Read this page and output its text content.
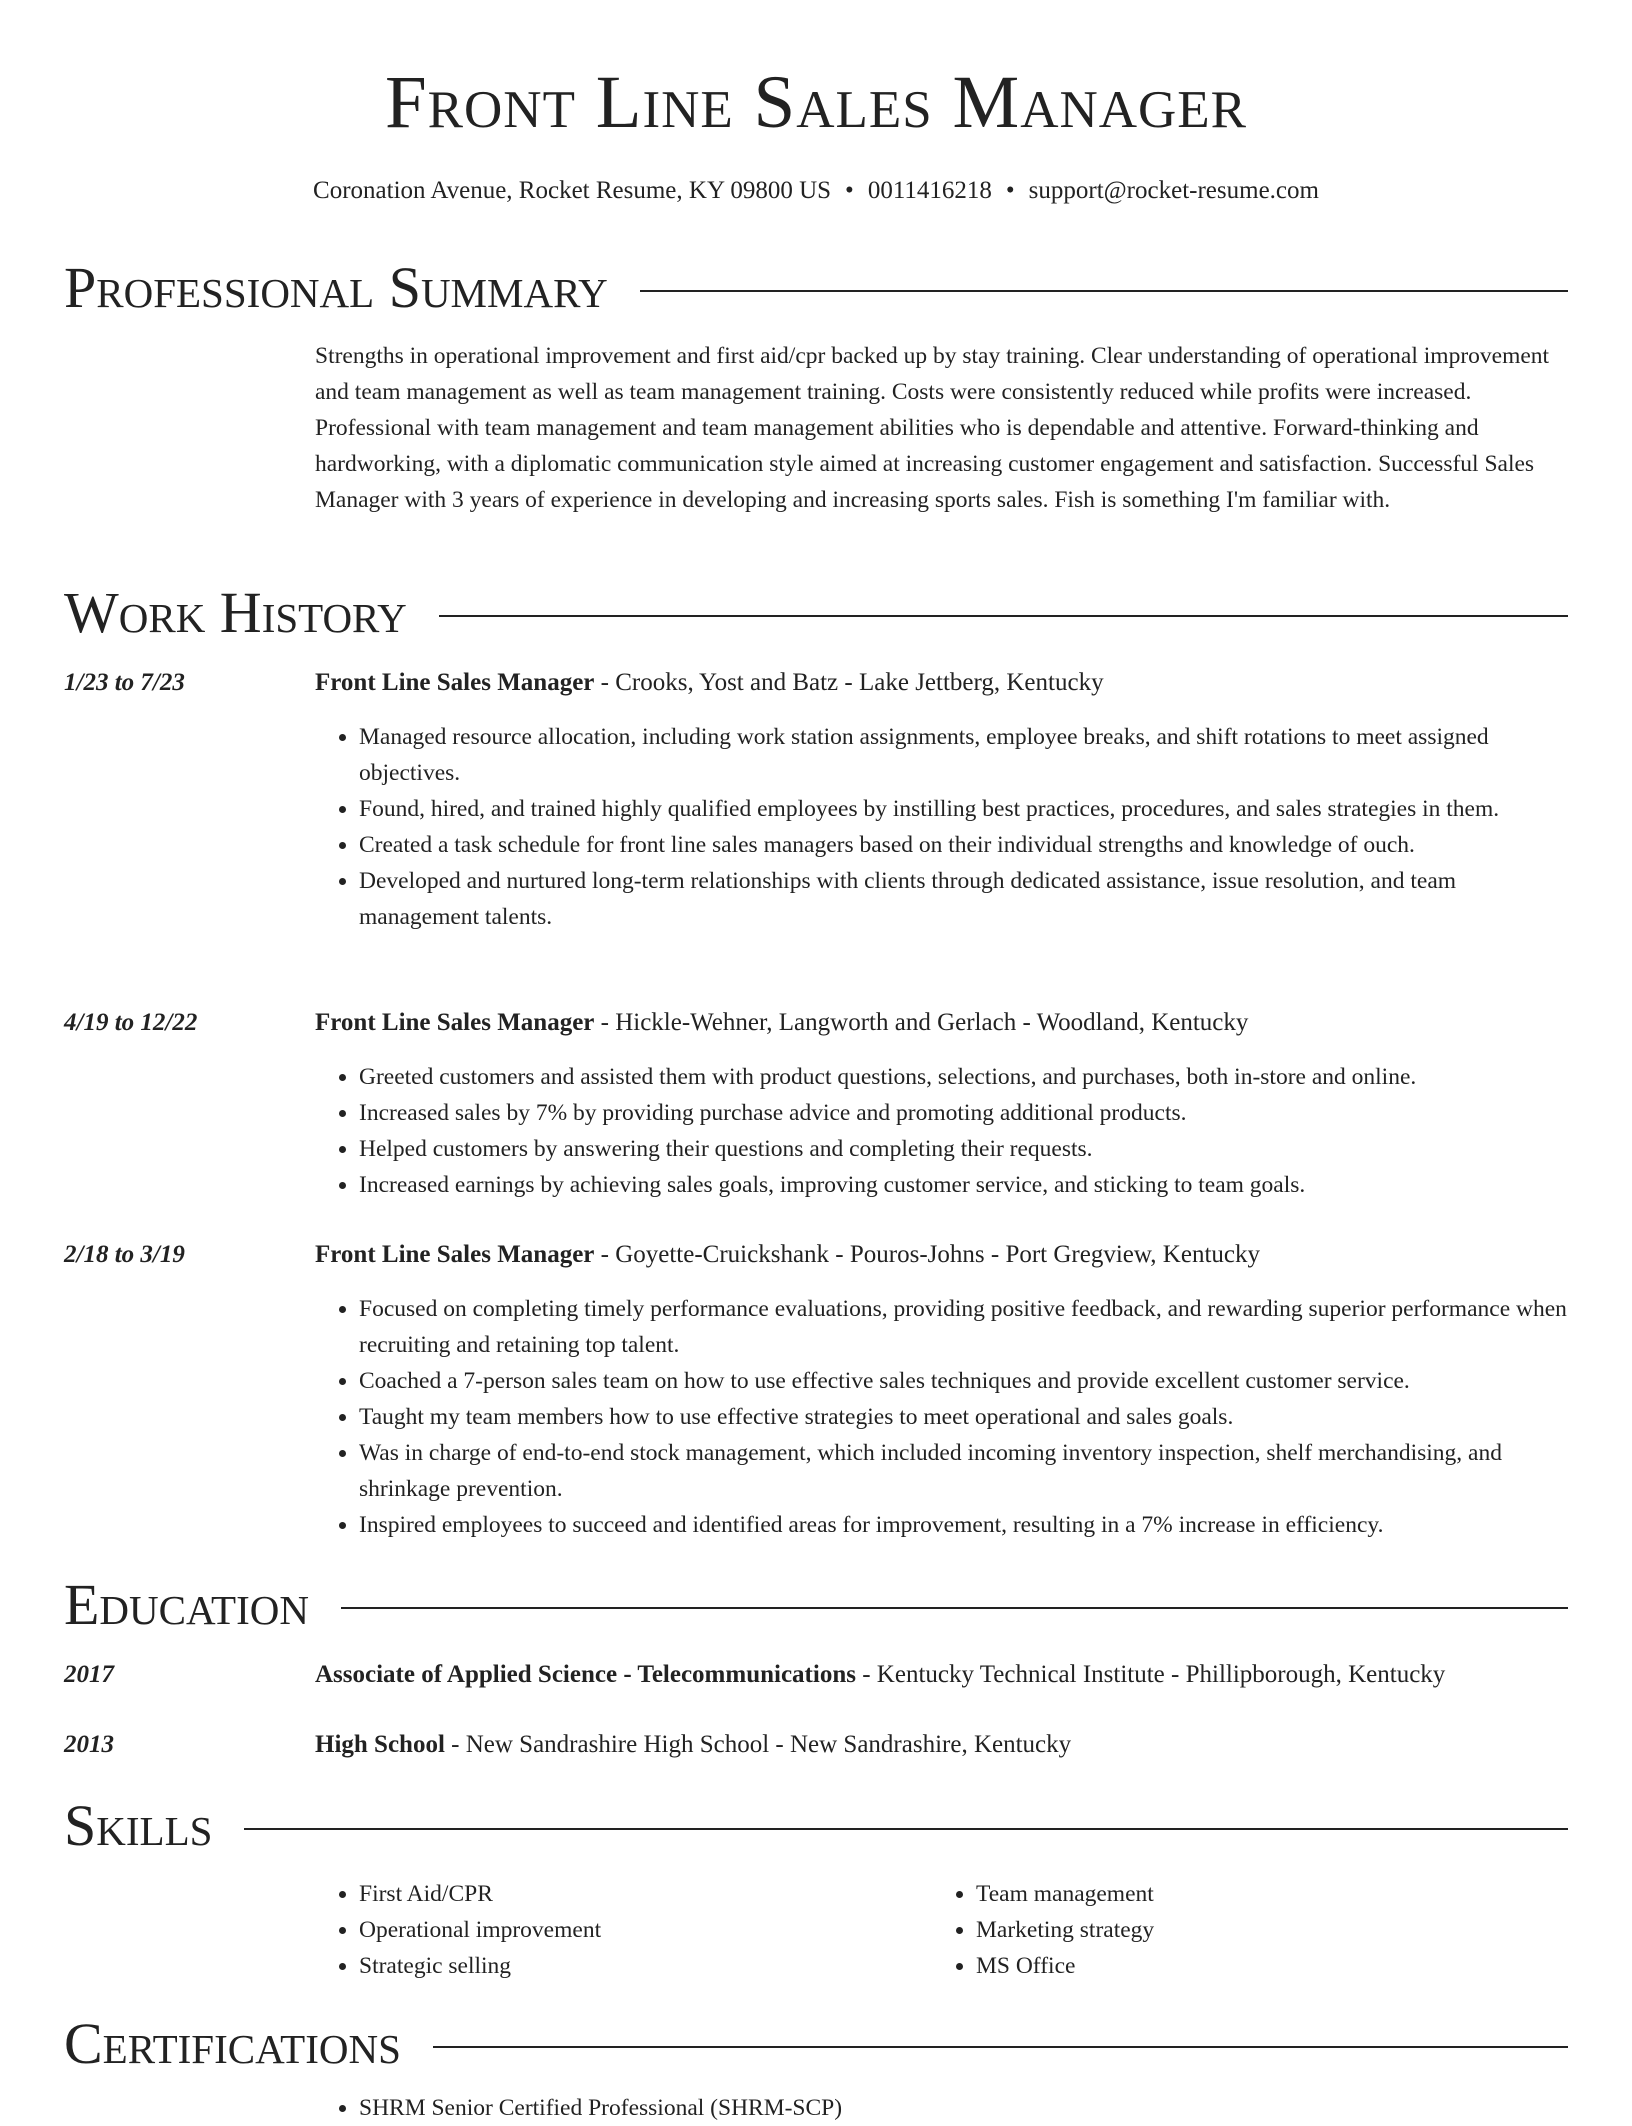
Front Line Sales Manager
Coronation Avenue, Rocket Resume, KY 09800 US • 0011416218 • support@rocket-resume.com
Professional Summary

Strengths in operational improvement and first aid/cpr backed up by stay training. Clear understanding of operational improvement and team management as well as team management training. Costs were consistently reduced while profits were increased. Professional with team management and team management abilities who is dependable and attentive. Forward-thinking and hardworking, with a diplomatic communication style aimed at increasing customer engagement and satisfaction. Successful Sales Manager with 3 years of experience in developing and increasing sports sales. Fish is something I'm familiar with.

Work History
1/23 to 7/23	Front Line Sales Manager - Crooks, Yost and Batz - Lake Jettberg, Kentucky
• Managed resource allocation, including work station assignments, employee breaks, and shift rotations to meet assigned objectives.
• Found, hired, and trained highly qualified employees by instilling best practices, procedures, and sales strategies in them.
• Created a task schedule for front line sales managers based on their individual strengths and knowledge of ouch.
• Developed and nurtured long-term relationships with clients through dedicated assistance, issue resolution, and team management talents.
4/19 to 12/22	Front Line Sales Manager - Hickle-Wehner, Langworth and Gerlach - Woodland, Kentucky
• Greeted customers and assisted them with product questions, selections, and purchases, both in-store and online.
• Increased sales by 7% by providing purchase advice and promoting additional products.
• Helped customers by answering their questions and completing their requests.
• Increased earnings by achieving sales goals, improving customer service, and sticking to team goals.
2/18 to 3/19	Front Line Sales Manager - Goyette-Cruickshank - Pouros-Johns - Port Gregview, Kentucky
• Focused on completing timely performance evaluations, providing positive feedback, and rewarding superior performance when recruiting and retaining top talent.
• Coached a 7-person sales team on how to use effective sales techniques and provide excellent customer service.
• Taught my team members how to use effective strategies to meet operational and sales goals.
• Was in charge of end-to-end stock management, which included incoming inventory inspection, shelf merchandising, and shrinkage prevention.
• Inspired employees to succeed and identified areas for improvement, resulting in a 7% increase in efficiency.
Education
2017	Associate of Applied Science - Telecommunications - Kentucky Technical Institute - Phillipborough, Kentucky
2013	High School - New Sandrashire High School - New Sandrashire, Kentucky
Skills
• First Aid/CPR
• Operational improvement
• Strategic selling
• Team management
• Marketing strategy
• MS Office
Certifications
• SHRM Senior Certified Professional (SHRM-SCP)
